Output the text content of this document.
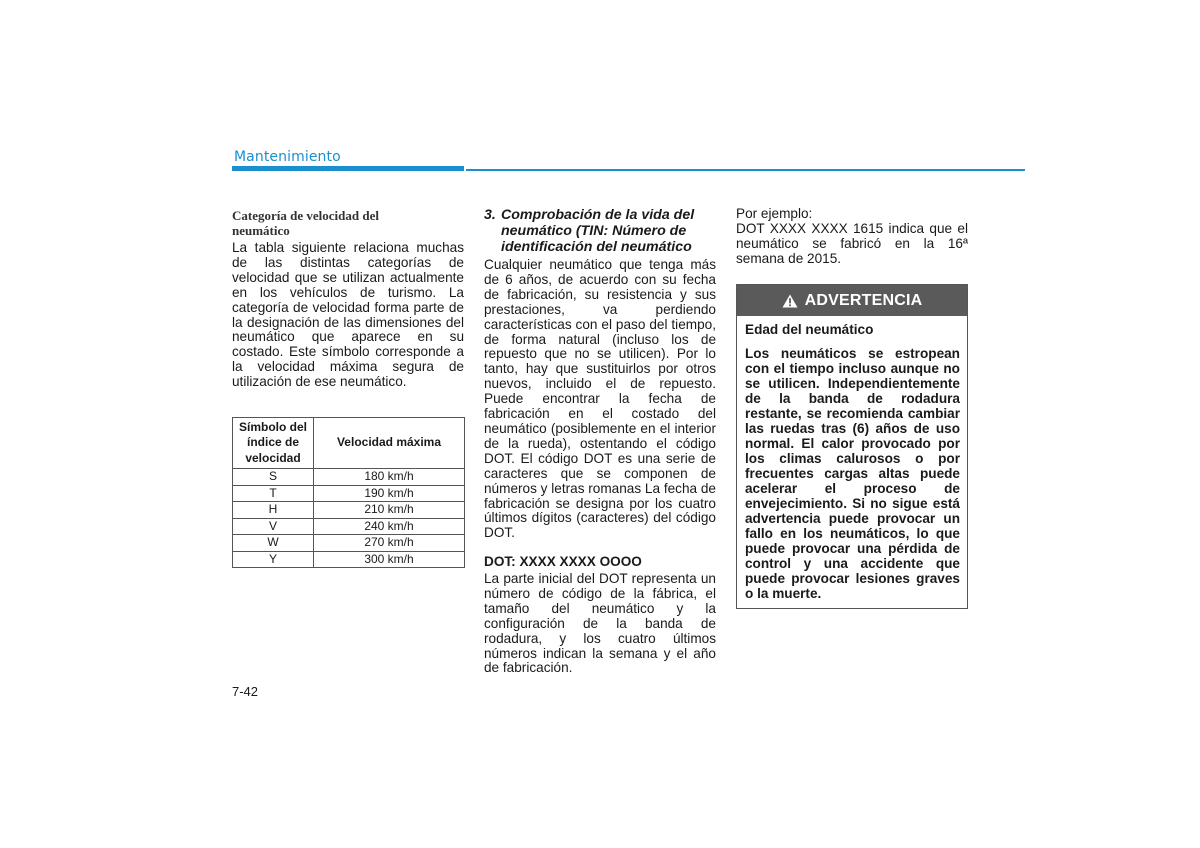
Mantenimiento
Categoría de velocidad del neumático
La tabla siguiente relaciona muchas de las distintas categorías de velocidad que se utilizan actualmente en los vehículos de turismo. La categoría de velocidad forma parte de la designación de las dimensiones del neumático que aparece en su costado. Este símbolo corresponde a la velocidad máxima segura de utilización de ese neumático.
Símbolo del índice de velocidad	Velocidad máxima
S	180 km/h
T	190 km/h
H	210 km/h
V	240 km/h
W	270 km/h
Y	300 km/h
3. Comprobación de la vida del neumático (TIN: Número de identificación del neumático
Cualquier neumático que tenga más de 6 años, de acuerdo con su fecha de fabricación, su resistencia y sus prestaciones, va perdiendo características con el paso del tiempo, de forma natural (incluso los de repuesto que no se utilicen). Por lo tanto, hay que sustituirlos por otros nuevos, incluido el de repuesto. Puede encontrar la fecha de fabricación en el costado del neumático (posiblemente en el interior de la rueda), ostentando el código DOT. El código DOT es una serie de caracteres que se componen de números y letras romanas La fecha de fabricación se designa por los cuatro últimos dígitos (caracteres) del código DOT.
DOT: XXXX XXXX OOOO
La parte inicial del DOT representa un número de código de la fábrica, el tamaño del neumático y la configuración de la banda de rodadura, y los cuatro últimos números indican la semana y el año de fabricación.
Por ejemplo:
DOT XXXX XXXX 1615 indica que el neumático se fabricó en la 16ª semana de 2015.
ADVERTENCIA
Edad del neumático
Los neumáticos se estropean con el tiempo incluso aunque no se utilicen. Independientemente de la banda de rodadura restante, se recomienda cambiar las ruedas tras (6) años de uso normal. El calor provocado por los climas calurosos o por frecuentes cargas altas puede acelerar el proceso de envejecimiento. Si no sigue está advertencia puede provocar un fallo en los neumáticos, lo que puede provocar una pérdida de control y una accidente que puede provocar lesiones graves o la muerte.
7-42
